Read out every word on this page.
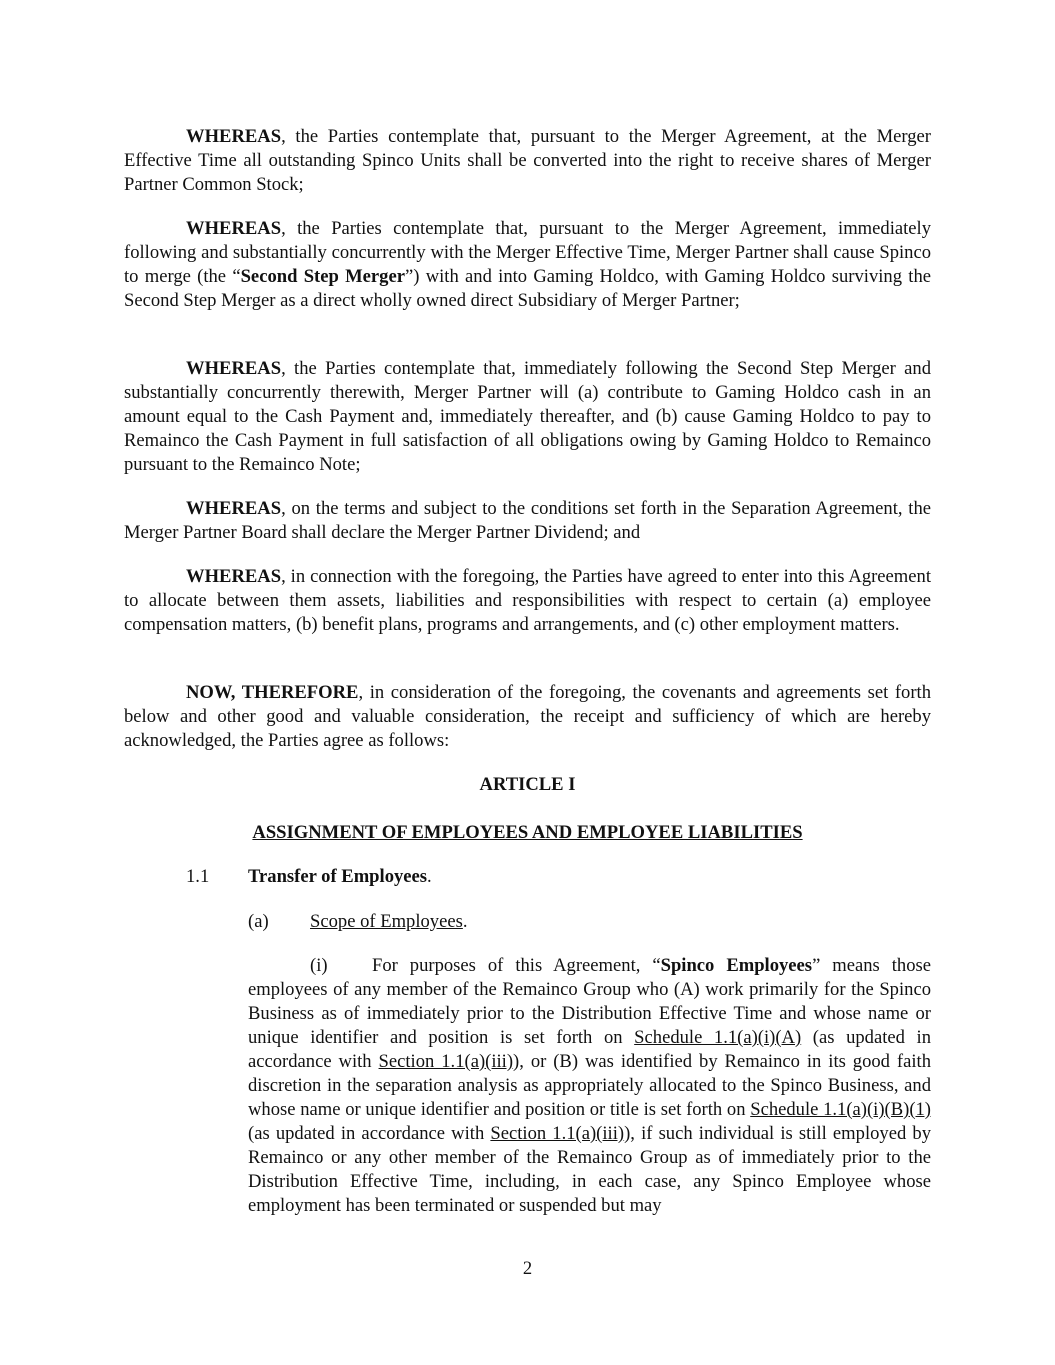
WHEREAS, the Parties contemplate that, pursuant to the Merger Agreement, at the Merger Effective Time all outstanding Spinco Units shall be converted into the right to receive shares of Merger Partner Common Stock;

WHEREAS, the Parties contemplate that, pursuant to the Merger Agreement, immediately following and substantially concurrently with the Merger Effective Time, Merger Partner shall cause Spinco to merge (the “Second Step Merger”) with and into Gaming Holdco, with Gaming Holdco surviving the Second Step Merger as a direct wholly owned direct Subsidiary of Merger Partner;

WHEREAS, the Parties contemplate that, immediately following the Second Step Merger and substantially concurrently therewith, Merger Partner will (a) contribute to Gaming Holdco cash in an amount equal to the Cash Payment and, immediately thereafter, and (b) cause Gaming Holdco to pay to Remainco the Cash Payment in full satisfaction of all obligations owing by Gaming Holdco to Remainco pursuant to the Remainco Note;

WHEREAS, on the terms and subject to the conditions set forth in the Separation Agreement, the Merger Partner Board shall declare the Merger Partner Dividend; and

WHEREAS, in connection with the foregoing, the Parties have agreed to enter into this Agreement to allocate between them assets, liabilities and responsibilities with respect to certain (a) employee compensation matters, (b) benefit plans, programs and arrangements, and (c) other employment matters.

NOW, THEREFORE, in consideration of the foregoing, the covenants and agreements set forth below and other good and valuable consideration, the receipt and sufficiency of which are hereby acknowledged, the Parties agree as follows:

ARTICLE I

ASSIGNMENT OF EMPLOYEES AND EMPLOYEE LIABILITIES

1.1 Transfer of Employees.

(a) Scope of Employees.

(i) For purposes of this Agreement, “Spinco Employees” means those employees of any member of the Remainco Group who (A) work primarily for the Spinco Business as of immediately prior to the Distribution Effective Time and whose name or unique identifier and position is set forth on Schedule 1.1(a)(i)(A) (as updated in accordance with Section 1.1(a)(iii)), or (B) was identified by Remainco in its good faith discretion in the separation analysis as appropriately allocated to the Spinco Business, and whose name or unique identifier and position or title is set forth on Schedule 1.1(a)(i)(B)(1) (as updated in accordance with Section 1.1(a)(iii)), if such individual is still employed by Remainco or any other member of the Remainco Group as of immediately prior to the Distribution Effective Time, including, in each case, any Spinco Employee whose employment has been terminated or suspended but may

2
